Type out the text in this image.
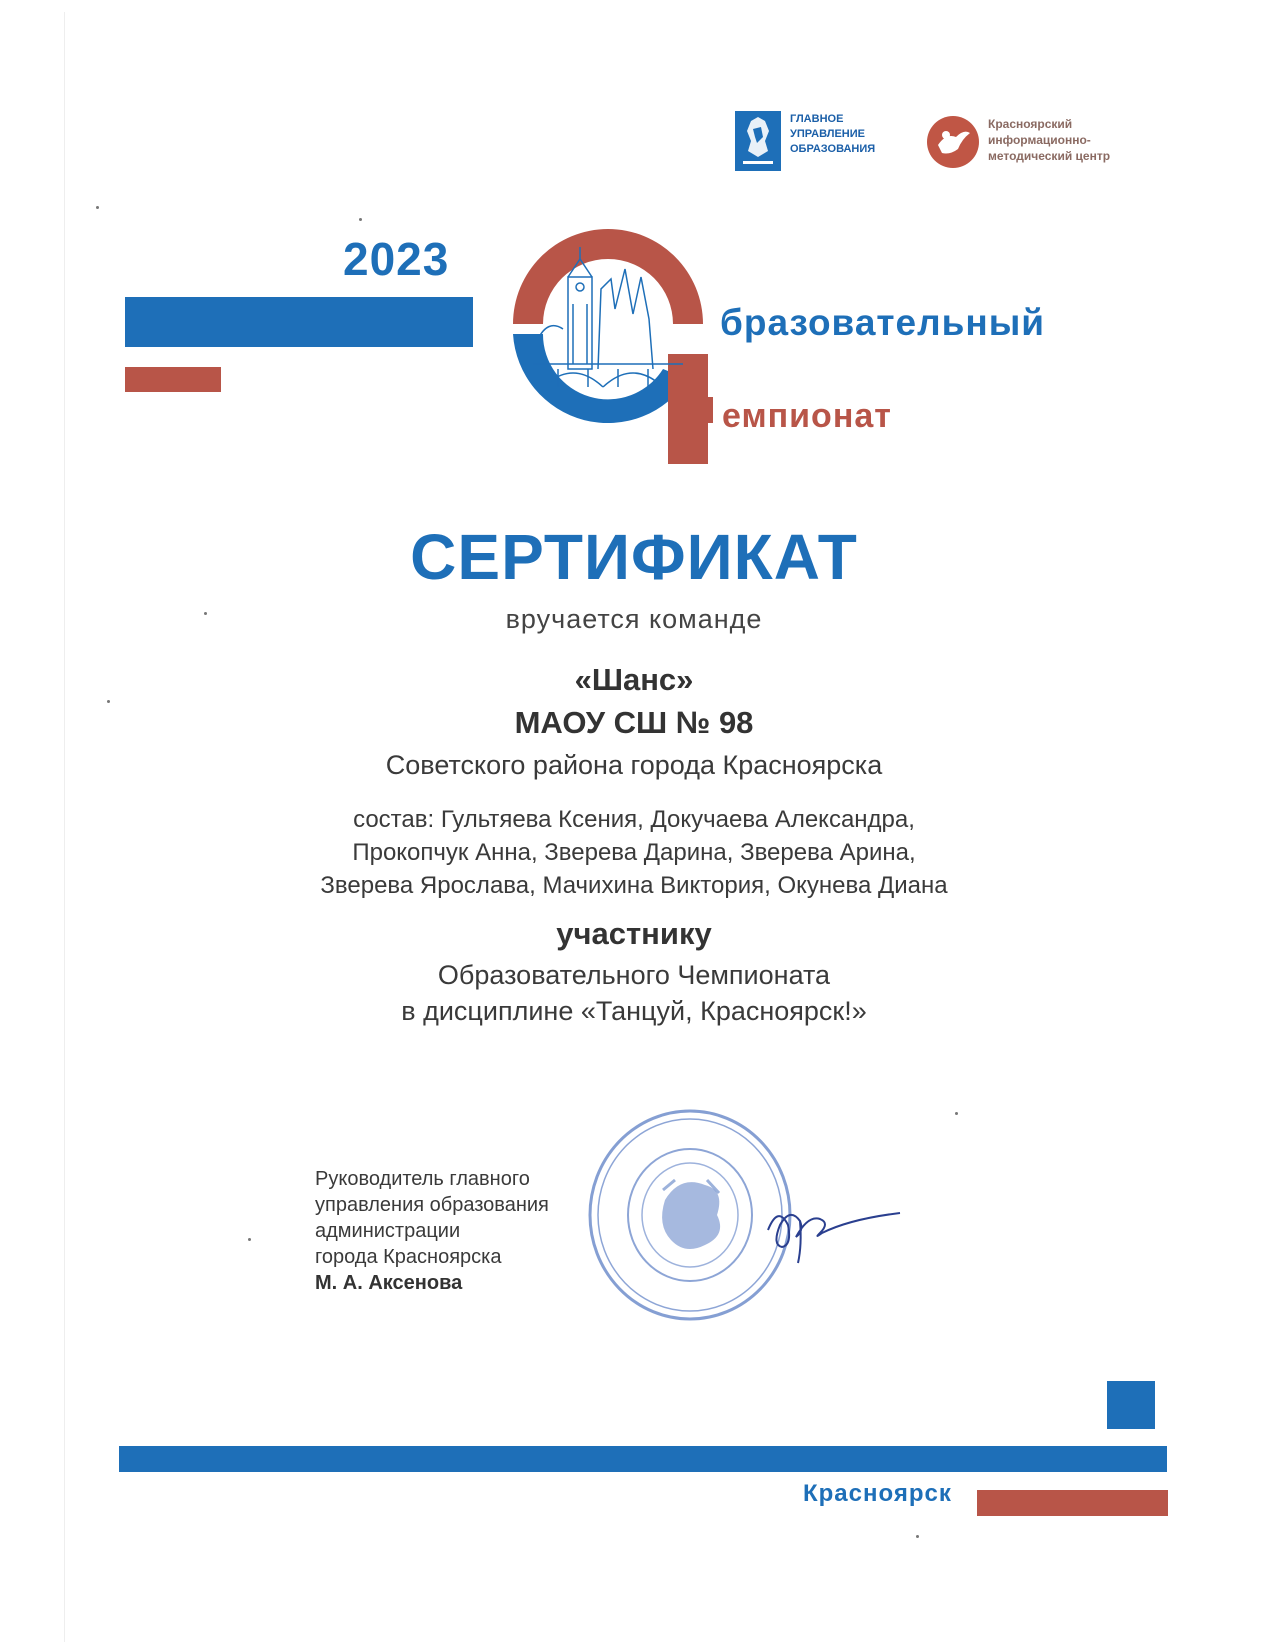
ГЛАВНОЕ
УПРАВЛЕНИЕ
ОБРАЗОВАНИЯ
Красноярский
информационно-
методический центр
2023
бразовательный
емпионат
СЕРТИФИКАТ
вручается команде
«Шанс»
МАОУ СШ № 98
Советского района города Красноярска
состав: Гультяева Ксения, Докучаева Александра,
Прокопчук Анна, Зверева Дарина, Зверева Арина,
Зверева Ярослава, Мачихина Виктория, Окунева Диана
участнику
Образовательного Чемпионата
в дисциплине «Танцуй, Красноярск!»
Руководитель главного
управления образования
администрации
города Красноярска
М. А. Аксенова
Красноярск
